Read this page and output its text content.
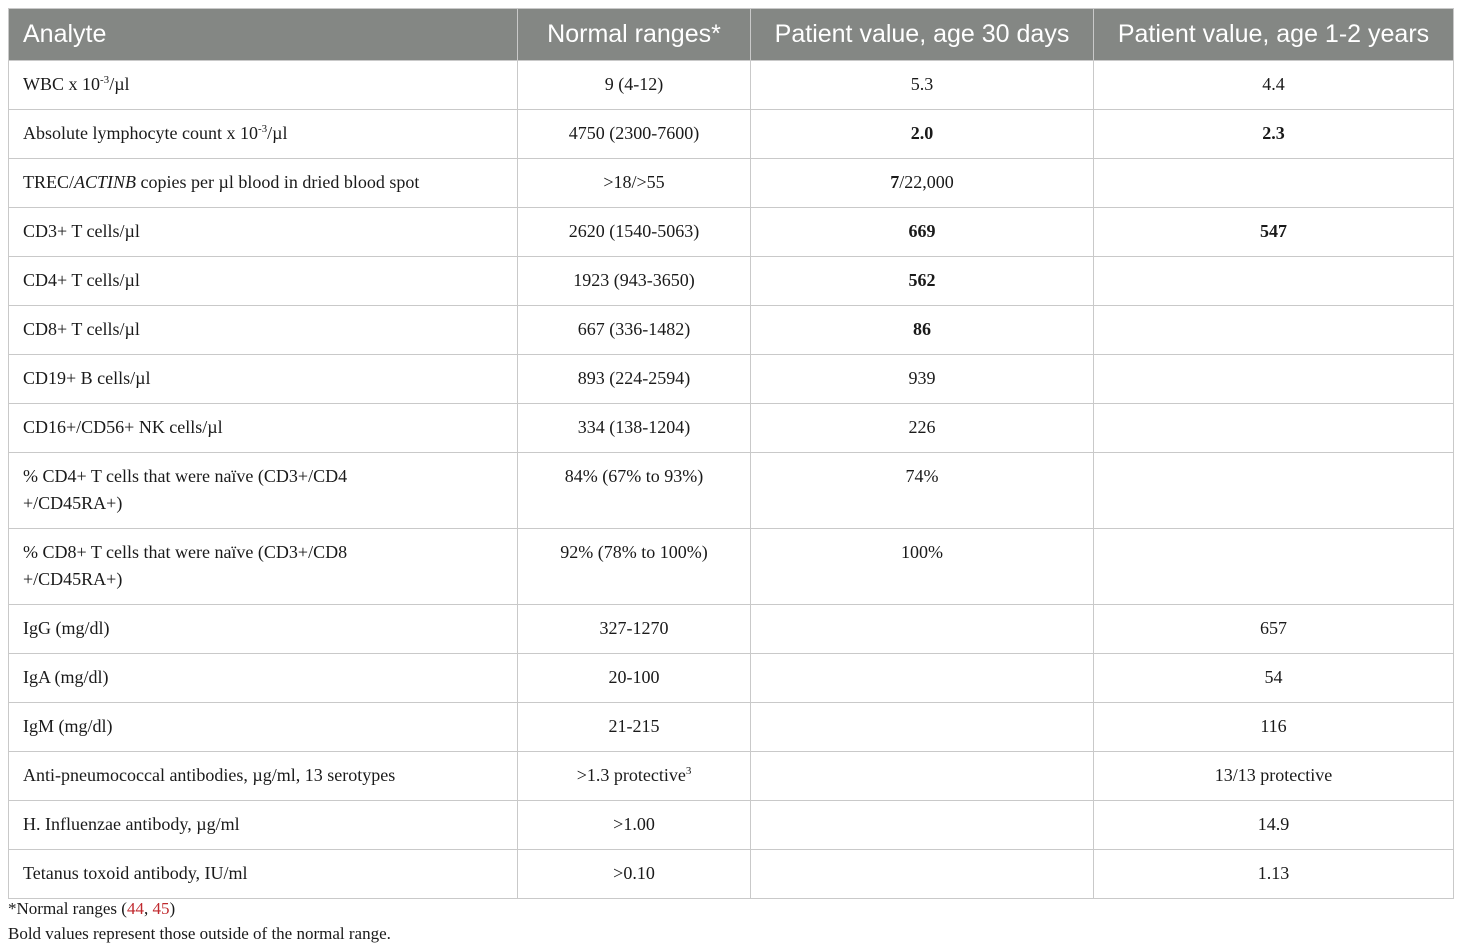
Analyte	Normal ranges*	Patient value, age 30 days	Patient value, age 1-2 years
WBC x $10^{-3}/\mu l$	9 (4-12)	5.3	4.4
Absolute lymphocyte count x $10^{-3}/\mu l$	4750 (2300-7600)	2.0	2.3
TREC/ACTINB copies per µl blood in dried blood spot	>18/>55	7/22,000	
CD3+ T cells/µl	2620 (1540-5063)	669	547
CD4+ T cells/µl	1923 (943-3650)	562	
CD8+ T cells/µl	667 (336-1482)	86	
CD19+ B cells/µl	893 (224-2594)	939	
CD16+/CD56+ NK cells/µl	334 (138-1204)	226	
% CD4+ T cells that were naïve (CD3+/CD4
+/CD45RA+)	84% (67% to 93%)	74%	
% CD8+ T cells that were naïve (CD3+/CD8
+/CD45RA+)	92% (78% to 100%)	100%	
IgG (mg/dl)	327-1270		657
IgA (mg/dl)	20-100		54
IgM (mg/dl)	21-215		116
Anti-pneumococcal antibodies, µg/ml, 13 serotypes	>1.3 protective$^3$		13/13 protective
H. Influenzae antibody, µg/ml	>1.00		14.9
Tetanus toxoid antibody, IU/ml	>0.10		1.13
*Normal ranges (44, 45)
Bold values represent those outside of the normal range.
